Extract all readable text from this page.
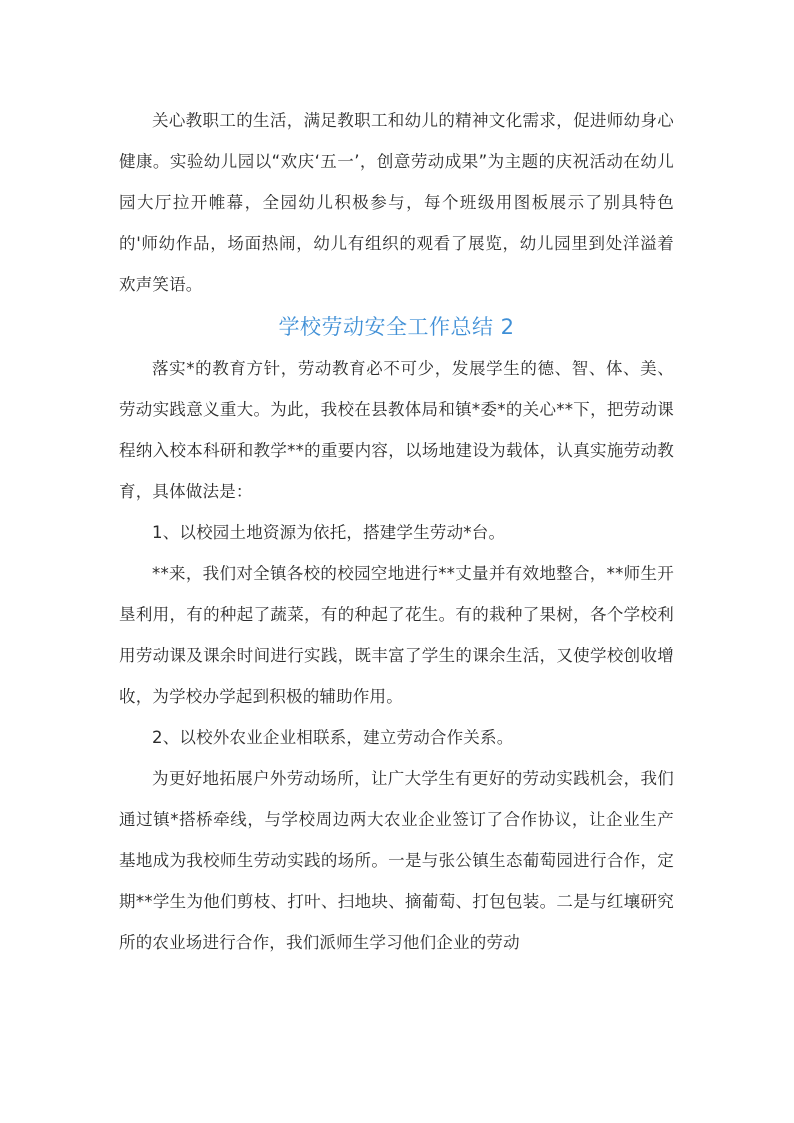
关心教职工的生活，满足教职工和幼儿的精神文化需求，促进师幼身心健康。实验幼儿园以“欢庆‘五一’，创意劳动成果”为主题的庆祝活动在幼儿园大厅拉开帷幕，全园幼儿积极参与，每个班级用图板展示了别具特色的'师幼作品，场面热闹，幼儿有组织的观看了展览，幼儿园里到处洋溢着欢声笑语。

学校劳动安全工作总结 2

落实*的教育方针，劳动教育必不可少，发展学生的德、智、体、美、劳动实践意义重大。为此，我校在县教体局和镇*委*的关心**下，把劳动课程纳入校本科研和教学**的重要内容，以场地建设为载体，认真实施劳动教育，具体做法是：

1、以校园土地资源为依托，搭建学生劳动*台。

**来，我们对全镇各校的校园空地进行**丈量并有效地整合，**师生开垦利用，有的种起了蔬菜，有的种起了花生。有的栽种了果树，各个学校利用劳动课及课余时间进行实践，既丰富了学生的课余生活，又使学校创收增收，为学校办学起到积极的辅助作用。

2、以校外农业企业相联系，建立劳动合作关系。

为更好地拓展户外劳动场所，让广大学生有更好的劳动实践机会，我们通过镇*搭桥牵线，与学校周边两大农业企业签订了合作协议，让企业生产基地成为我校师生劳动实践的场所。一是与张公镇生态葡萄园进行合作，定期**学生为他们剪枝、打叶、扫地块、摘葡萄、打包包装。二是与红壤研究所的农业场进行合作，我们派师生学习他们企业的劳动
